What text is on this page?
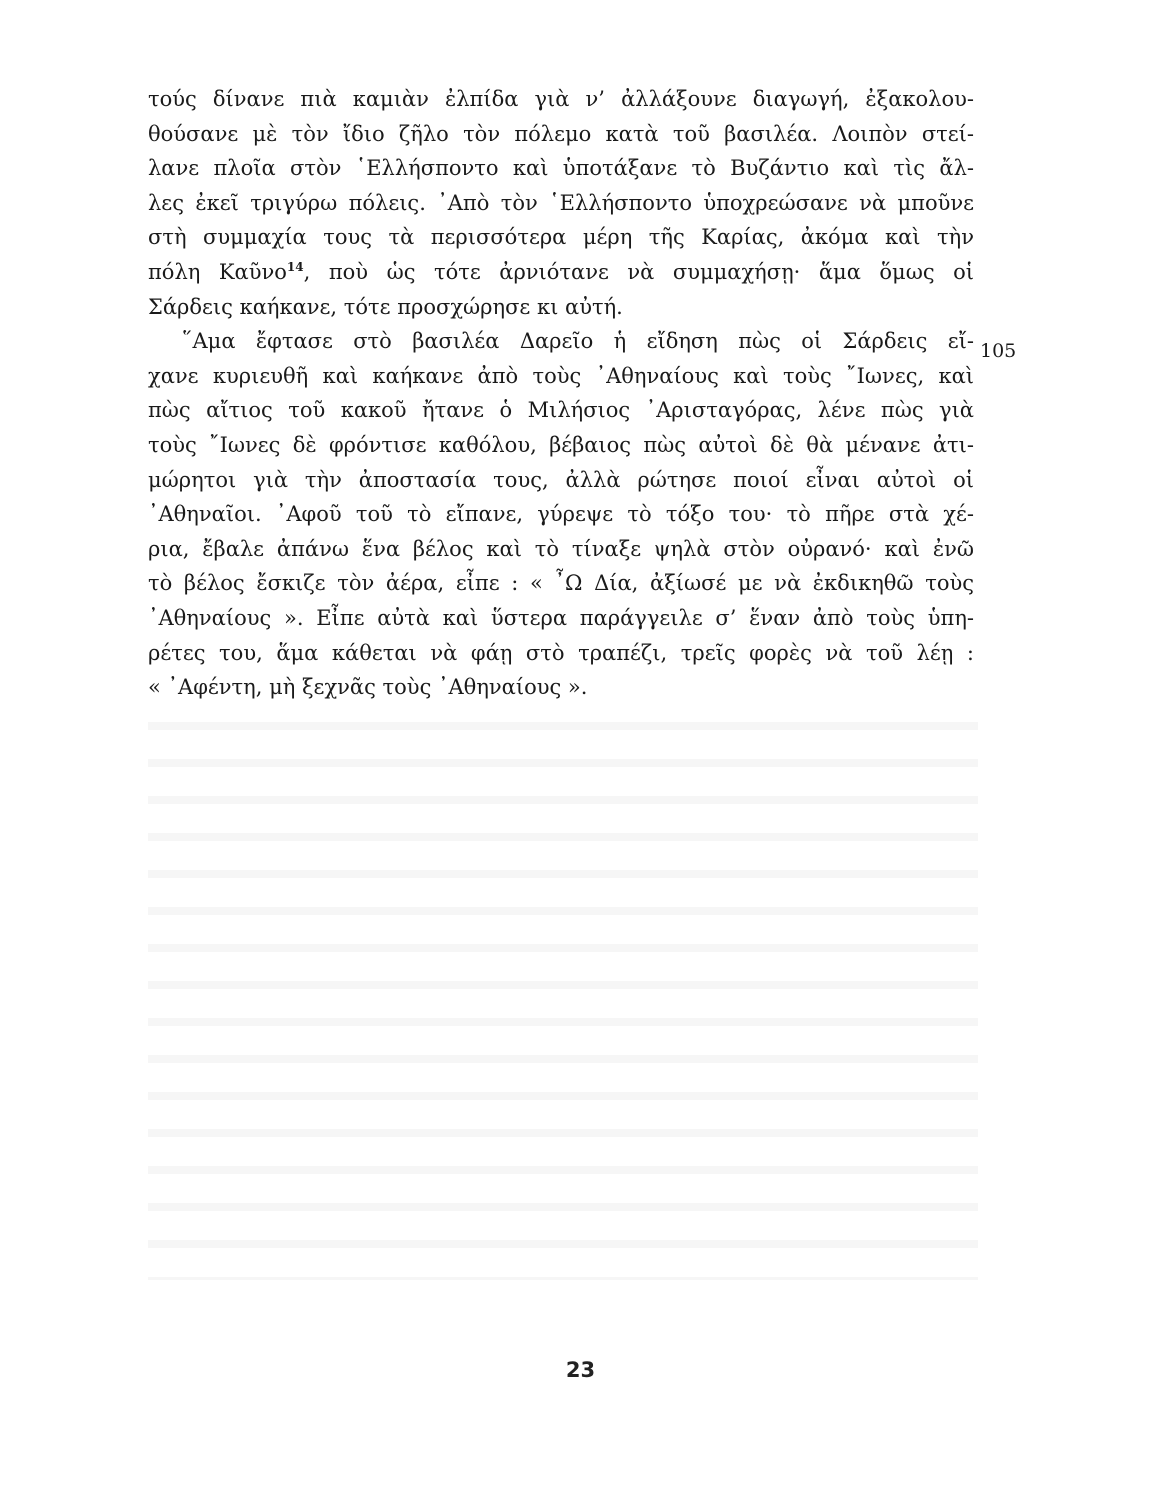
τούς δίνανε πιὰ καμιὰν ἐλπίδα γιὰ ν’ ἀλλάξουνε διαγωγή, ἐξακολου-
θούσανε μὲ τὸν ἴδιο ζῆλο τὸν πόλεμο κατὰ τοῦ βασιλέα. Λοιπὸν στεί-
λανε πλοῖα στὸν ῾Ελλήσποντο καὶ ὑποτάξανε τὸ Βυζάντιο καὶ τὶς ἄλ-
λες ἐκεῖ τριγύρω πόλεις. ᾿Απὸ τὸν ῾Ελλήσποντο ὑποχρεώσανε νὰ μποῦνε
στὴ συμμαχία τους τὰ περισσότερα μέρη τῆς Καρίας, ἀκόμα καὶ τὴν
πόλη Καῦνο$^{14}$, ποὺ ὡς τότε ἀρνιότανε νὰ συμμαχήσῃ· ἅμα ὅμως οἱ
Σάρδεις καήκανε, τότε προσχώρησε κι αὐτή.
῞Αμα ἔφτασε στὸ βασιλέα Δαρεῖο ἡ εἴδηση πὼς οἱ Σάρδεις εἴ-
χανε κυριευθῆ καὶ καήκανε ἀπὸ τοὺς ᾿Αθηναίους καὶ τοὺς ῎Ιωνες, καὶ
πὼς αἴτιος τοῦ κακοῦ ἤτανε ὁ Μιλήσιος ᾿Αρισταγόρας, λένε πὼς γιὰ
τοὺς ῎Ιωνες δὲ φρόντισε καθόλου, βέβαιος πὼς αὐτοὶ δὲ θὰ μένανε ἀτι-
μώρητοι γιὰ τὴν ἀποστασία τους, ἀλλὰ ρώτησε ποιοί εἶναι αὐτοὶ οἱ
᾿Αθηναῖοι. ᾿Αφοῦ τοῦ τὸ εἴπανε, γύρεψε τὸ τόξο του· τὸ πῆρε στὰ χέ-
ρια, ἔβαλε ἀπάνω ἕνα βέλος καὶ τὸ τίναξε ψηλὰ στὸν οὐρανό· καὶ ἐνῶ
τὸ βέλος ἔσκιζε τὸν ἀέρα, εἶπε : « ῏Ω Δία, ἀξίωσέ με νὰ ἐκδικηθῶ τοὺς
᾿Αθηναίους ». Εἶπε αὐτὰ καὶ ὕστερα παράγγειλε σ’ ἕναν ἀπὸ τοὺς ὑπη-
ρέτες του, ἅμα κάθεται νὰ φάῃ στὸ τραπέζι, τρεῖς φορὲς νὰ τοῦ λέῃ :
« ᾿Αφέντη, μὴ ξεχνᾶς τοὺς ᾿Αθηναίους ».
105
23
